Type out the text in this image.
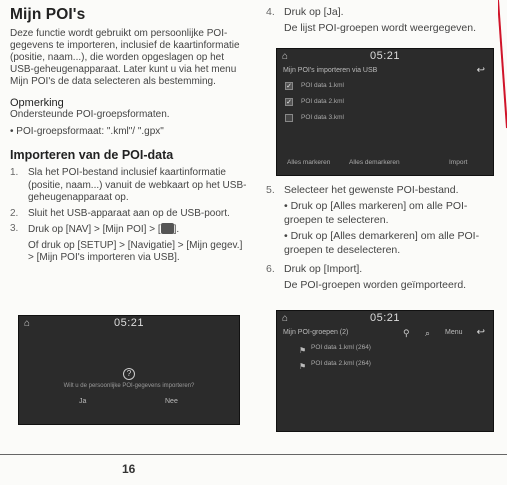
Mijn POI's

Deze functie wordt gebruikt om persoonlijke POI-gegevens te importeren, inclusief de kaartinformatie (positie, naam...), die worden opgeslagen op het USB-geheugenapparaat. Later kunt u via het menu Mijn POI's de data selecteren als bestemming.

Opmerking

Ondersteunde POI-groepsformaten.

• POI-groepsformaat: ".kml"/ ".gpx"

Importeren van de POI-data
1. Sla het POI-bestand inclusief kaartinformatie (positie, naam...) vanuit de webkaart op het USB-geheugenapparaat op.
2. Sluit het USB-apparaat aan op de USB-poort.
3. Druk op [NAV] > [Mijn POI] > [ ].

Of druk op [SETUP] > [Navigatie] > [Mijn gegev.] > [Mijn POI's importeren via USB].

⌂	05:21
?
Wilt u de persoonlijke POI-gegevens importeren?
Ja	Nee
4. Druk op [Ja].

De lijst POI-groepen wordt weergegeven.

⌂	05:21
Mijn POI's importeren via USB	↩
✓ POI data 1.kml
✓ POI data 2.kml
POI data 3.kml
Alles markeren	Alles demarkeren	Import
5. Selecteer het gewenste POI-bestand.

• Druk op [Alles markeren] om alle POI-groepen te selecteren.

• Druk op [Alles demarkeren] om alle POI-groepen te deselecteren.

6. Druk op [Import].

De POI-groepen worden geïmporteerd.

⌂	05:21
Mijn POI-groepen (2)	⚲ ⌕ Menu ↩
⚑ POI data 1.kml (264)
⚑ POI data 2.kml (264)
16
